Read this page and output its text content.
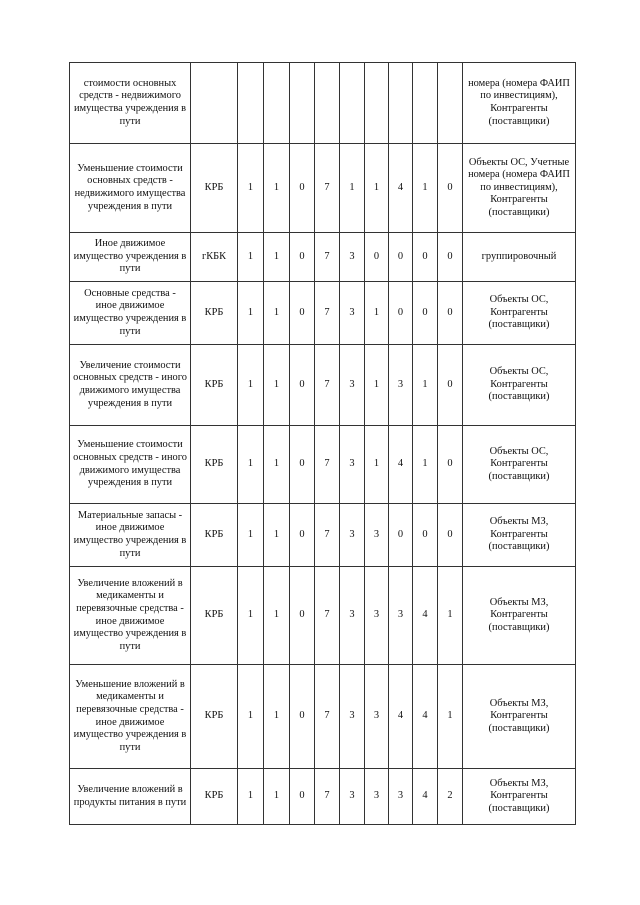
стоимости основных средств - недвижимого имущества учреждения в пути											номера (номера ФАИП по инвестициям), Контрагенты (поставщики)
Уменьшение стоимости основных средств - недвижимого имущества учреждения в пути	КРБ	1	1	0	7	1	1	4	1	0	Объекты ОС, Учетные номера (номера ФАИП по инвестициям), Контрагенты (поставщики)
Иное движимое имущество учреждения в пути	гКБК	1	1	0	7	3	0	0	0	0	группировочный
Основные средства - иное движимое имущество учреждения в пути	КРБ	1	1	0	7	3	1	0	0	0	Объекты ОС, Контрагенты (поставщики)
Увеличение стоимости основных средств - иного движимого имущества учреждения в пути	КРБ	1	1	0	7	3	1	3	1	0	Объекты ОС, Контрагенты (поставщики)
Уменьшение стоимости основных средств - иного движимого имущества учреждения в пути	КРБ	1	1	0	7	3	1	4	1	0	Объекты ОС, Контрагенты (поставщики)
Материальные запасы - иное движимое имущество учреждения в пути	КРБ	1	1	0	7	3	3	0	0	0	Объекты МЗ, Контрагенты (поставщики)
Увеличение вложений в медикаменты и перевязочные средства - иное движимое имущество учреждения в пути	КРБ	1	1	0	7	3	3	3	4	1	Объекты МЗ, Контрагенты (поставщики)
Уменьшение вложений в медикаменты и перевязочные средства - иное движимое имущество учреждения в пути	КРБ	1	1	0	7	3	3	4	4	1	Объекты МЗ, Контрагенты (поставщики)
Увеличение вложений в продукты питания в пути	КРБ	1	1	0	7	3	3	3	4	2	Объекты МЗ, Контрагенты (поставщики)
